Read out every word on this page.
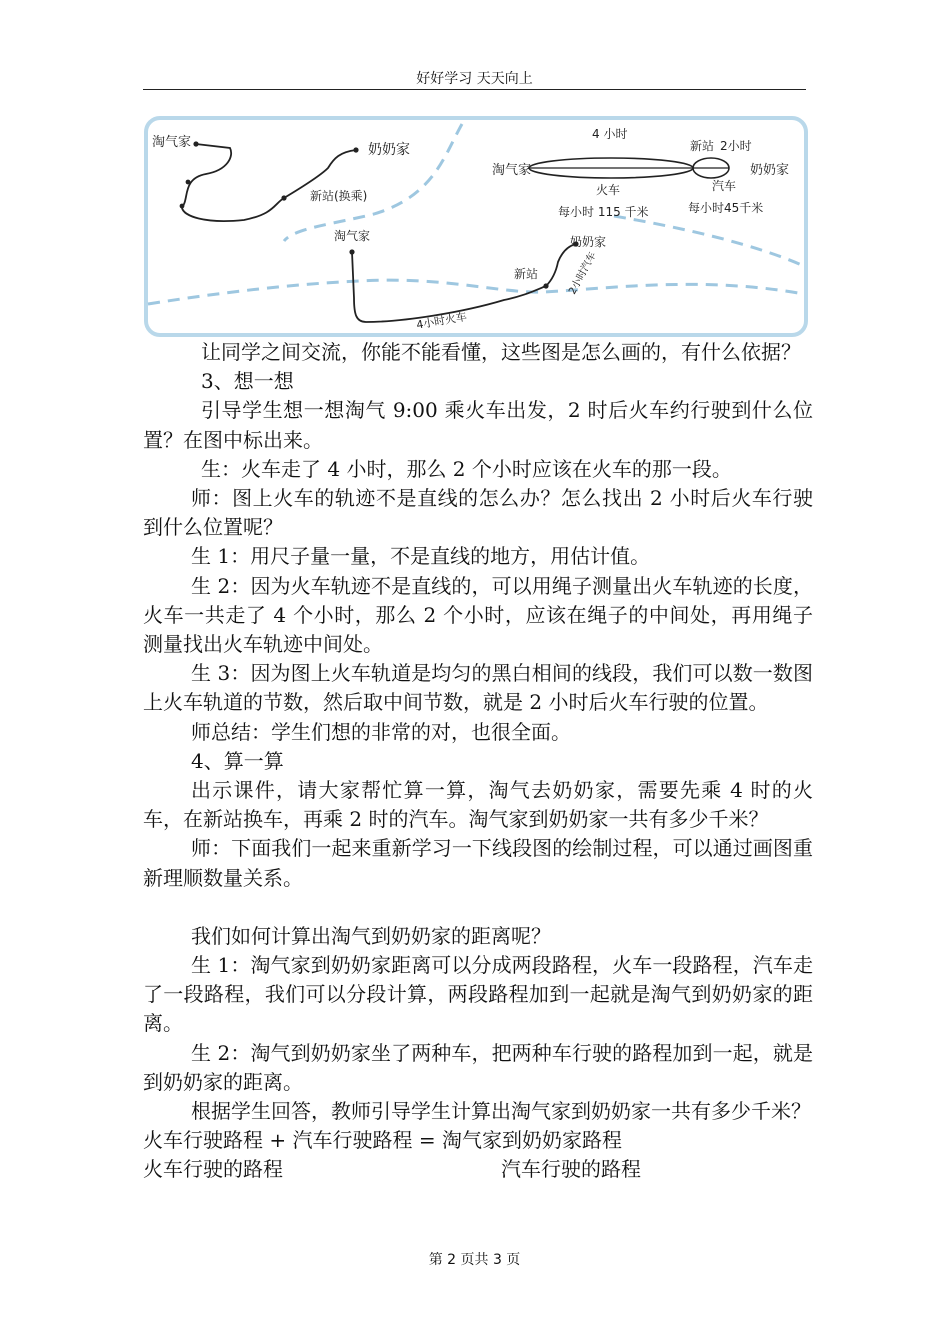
好好学习 天天向上
淘气家	奶奶家
新站(换乘)
淘气家	奶奶家
新站
4小时火车
2小时汽车
淘气家	奶奶家
4 小时
新站 2小时
火车
每小时 115 千米
汽车
每小时45千米

让同学之间交流，你能不能看懂，这些图是怎么画的，有什么依据？

3、想一想

引导学生想一想淘气 9:00 乘火车出发，2 时后火车约行驶到什么位置？在图中标出来。

生：火车走了 4 小时，那么 2 个小时应该在火车的那一段。

师：图上火车的轨迹不是直线的怎么办？怎么找出 2 小时后火车行驶到什么位置呢？

生 1：用尺子量一量，不是直线的地方，用估计值。

生 2：因为火车轨迹不是直线的，可以用绳子测量出火车轨迹的长度，火车一共走了 4 个小时，那么 2 个小时，应该在绳子的中间处，再用绳子测量找出火车轨迹中间处。

生 3：因为图上火车轨道是均匀的黑白相间的线段，我们可以数一数图上火车轨道的节数，然后取中间节数，就是 2 小时后火车行驶的位置。

师总结：学生们想的非常的对，也很全面。

4、算一算

出示课件，请大家帮忙算一算，淘气去奶奶家，需要先乘 4 时的火车，在新站换车，再乘 2 时的汽车。淘气家到奶奶家一共有多少千米？

师：下面我们一起来重新学习一下线段图的绘制过程，可以通过画图重新理顺数量关系。

我们如何计算出淘气到奶奶家的距离呢？

生 1：淘气家到奶奶家距离可以分成两段路程，火车一段路程，汽车走了一段路程，我们可以分段计算，两段路程加到一起就是淘气到奶奶家的距离。

生 2：淘气到奶奶家坐了两种车，把两种车行驶的路程加到一起，就是到奶奶家的距离。

根据学生回答，教师引导学生计算出淘气家到奶奶家一共有多少千米？

火车行驶路程 + 汽车行驶路程 = 淘气家到奶奶家路程

火车行驶的路程	汽车行驶的路程
第 2 页共 3 页
